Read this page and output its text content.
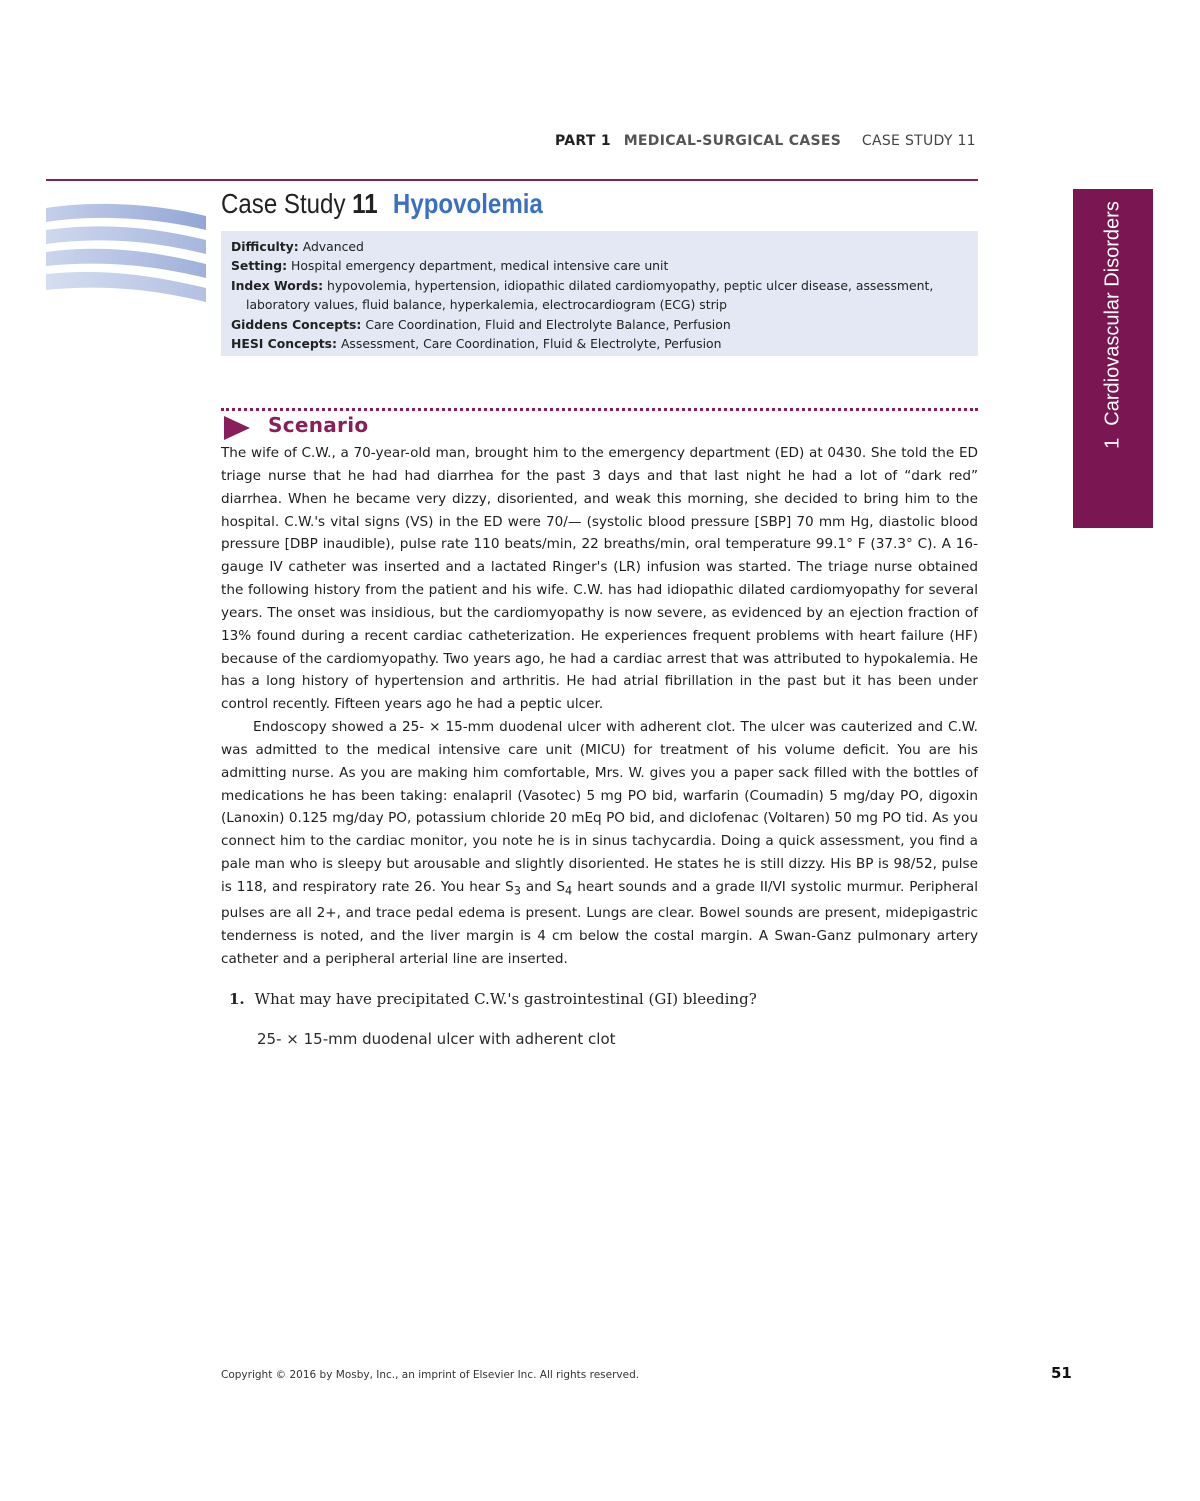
PART 1 MEDICAL-SURGICAL CASES CASE STUDY 11
Case Study 11 Hypovolemia
Difficulty: Advanced
Setting: Hospital emergency department, medical intensive care unit
Index Words: hypovolemia, hypertension, idiopathic dilated cardiomyopathy, peptic ulcer disease, assessment,
laboratory values, fluid balance, hyperkalemia, electrocardiogram (ECG) strip
Giddens Concepts: Care Coordination, Fluid and Electrolyte Balance, Perfusion
HESI Concepts: Assessment, Care Coordination, Fluid & Electrolyte, Perfusion
Scenario
The wife of C.W., a 70-year-old man, brought him to the emergency department (ED) at 0430. She told the ED triage nurse that he had had diarrhea for the past 3 days and that last night he had a lot of “dark red” diarrhea. When he became very dizzy, disoriented, and weak this morning, she decided to bring him to the hospital. C.W.'s vital signs (VS) in the ED were 70/— (systolic blood pressure [SBP] 70 mm Hg, diastolic blood pressure [DBP inaudible), pulse rate 110 beats/min, 22 breaths/min, oral temperature 99.1° F (37.3° C). A 16-gauge IV catheter was inserted and a lactated Ringer's (LR) infusion was started. The triage nurse obtained the following history from the patient and his wife. C.W. has had idiopathic dilated cardiomyopathy for several years. The onset was insidious, but the cardiomyopathy is now severe, as evidenced by an ejection fraction of 13% found during a recent cardiac catheterization. He experiences frequent problems with heart failure (HF) because of the cardiomyopathy. Two years ago, he had a cardiac arrest that was attributed to hypokalemia. He has a long history of hypertension and arthritis. He had atrial fibrillation in the past but it has been under control recently. Fifteen years ago he had a peptic ulcer.
Endoscopy showed a 25- × 15-mm duodenal ulcer with adherent clot. The ulcer was cauterized and C.W. was admitted to the medical intensive care unit (MICU) for treatment of his volume deficit. You are his admitting nurse. As you are making him comfortable, Mrs. W. gives you a paper sack filled with the bottles of medications he has been taking: enalapril (Vasotec) 5 mg PO bid, warfarin (Coumadin) 5 mg/day PO, digoxin (Lanoxin) 0.125 mg/day PO, potassium chloride 20 mEq PO bid, and diclofenac (Voltaren) 50 mg PO tid. As you connect him to the cardiac monitor, you note he is in sinus tachycardia. Doing a quick assessment, you find a pale man who is sleepy but arousable and slightly disoriented. He states he is still dizzy. His BP is 98/52, pulse is 118, and respiratory rate 26. You hear $S_3$ and $S_4$ heart sounds and a grade II/VI systolic murmur. Peripheral pulses are all 2+, and trace pedal edema is present. Lungs are clear. Bowel sounds are present, midepigastric tenderness is noted, and the liver margin is 4 cm below the costal margin. A Swan-Ganz pulmonary artery catheter and a peripheral arterial line are inserted.
1. What may have precipitated C.W.'s gastrointestinal (GI) bleeding?
25- × 15-mm duodenal ulcer with adherent clot
1Cardiovascular Disorders
Copyright © 2016 by Mosby, Inc., an imprint of Elsevier Inc. All rights reserved.	51
